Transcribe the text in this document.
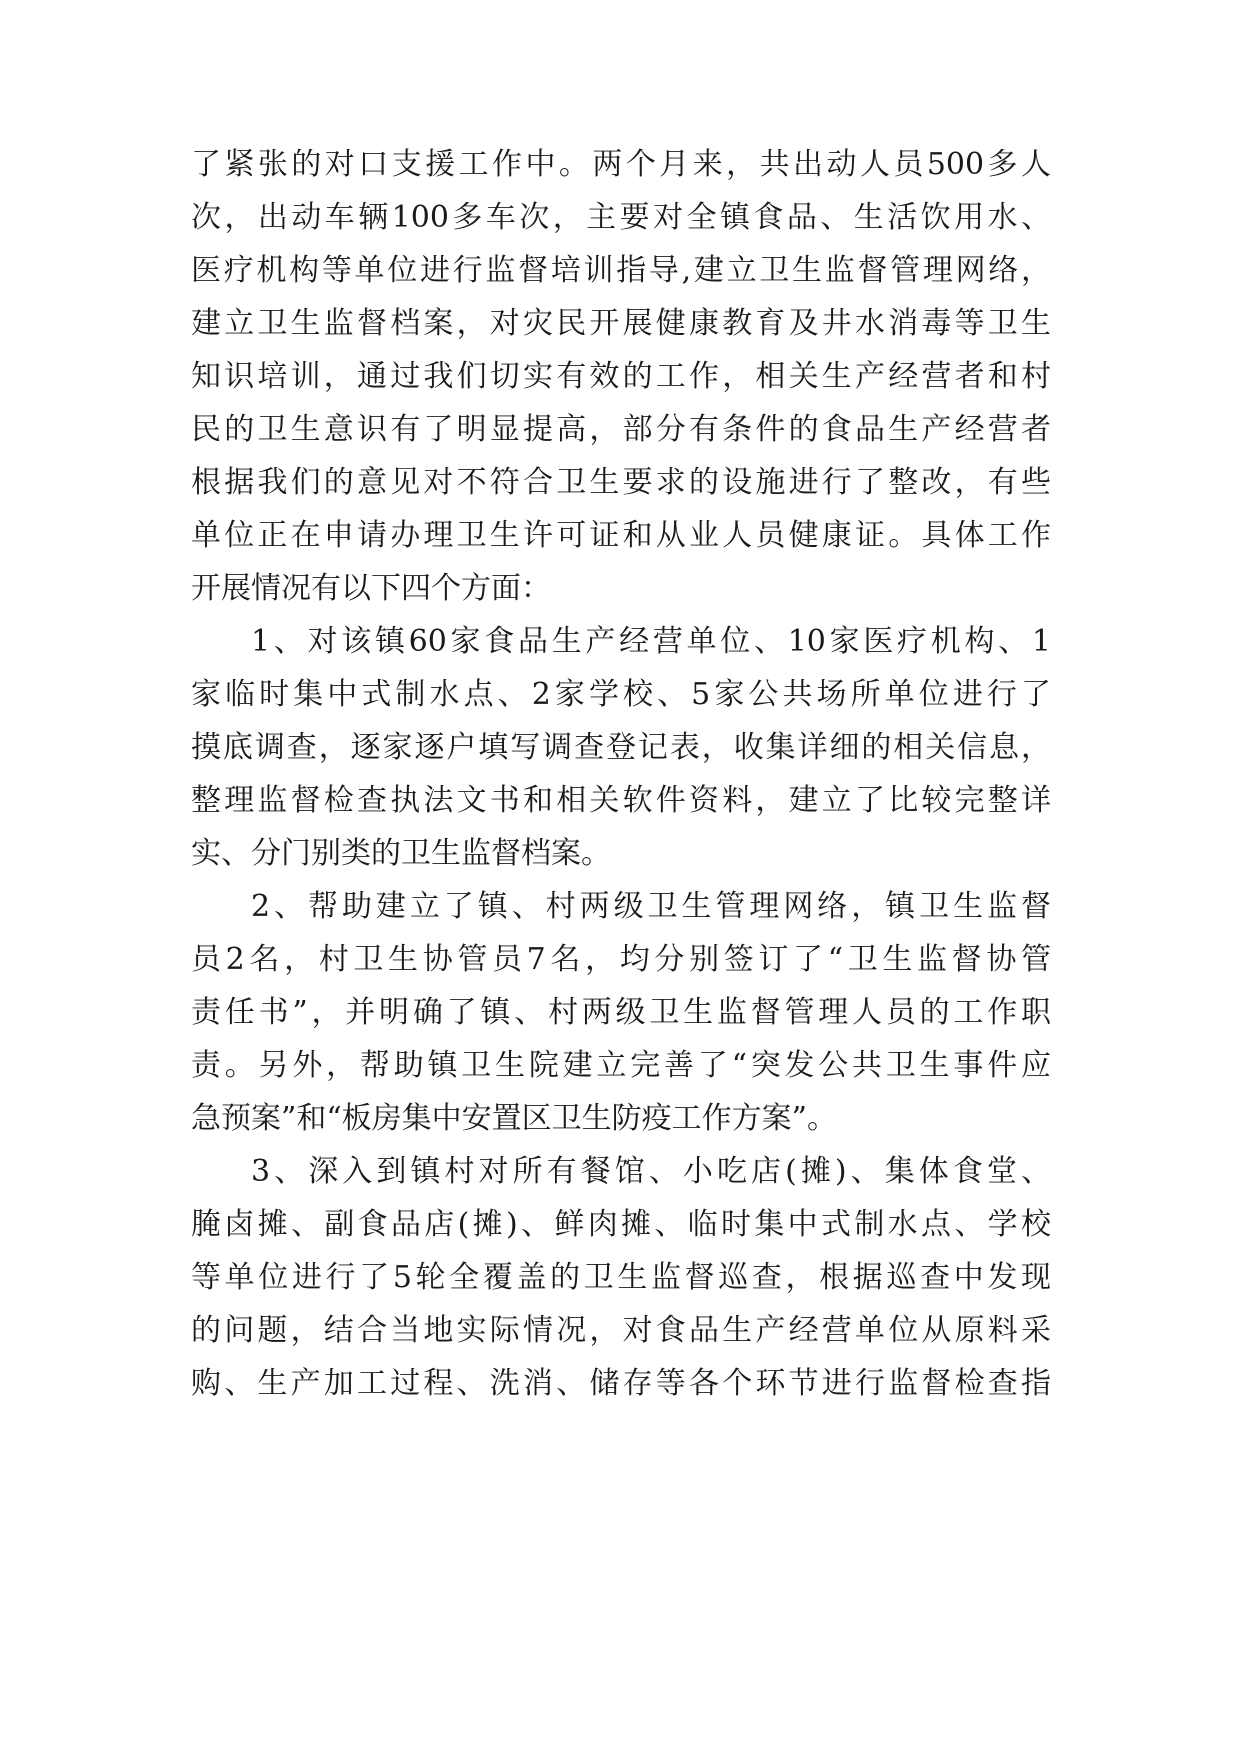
了紧张的对口支援工作中。两个月来，共出动人员500多人
次，出动车辆100多车次，主要对全镇食品、生活饮用水、
医疗机构等单位进行监督培训指导,建立卫生监督管理网络，
建立卫生监督档案，对灾民开展健康教育及井水消毒等卫生
知识培训，通过我们切实有效的工作，相关生产经营者和村
民的卫生意识有了明显提高，部分有条件的食品生产经营者
根据我们的意见对不符合卫生要求的设施进行了整改，有些
单位正在申请办理卫生许可证和从业人员健康证。具体工作
开展情况有以下四个方面：
1、对该镇60家食品生产经营单位、10家医疗机构、1
家临时集中式制水点、2家学校、5家公共场所单位进行了
摸底调查，逐家逐户填写调查登记表，收集详细的相关信息，
整理监督检查执法文书和相关软件资料，建立了比较完整详
实、分门别类的卫生监督档案。
2、帮助建立了镇、村两级卫生管理网络，镇卫生监督
员2名，村卫生协管员7名，均分别签订了“卫生监督协管
责任书”，并明确了镇、村两级卫生监督管理人员的工作职
责。另外，帮助镇卫生院建立完善了“突发公共卫生事件应
急预案”和“板房集中安置区卫生防疫工作方案”。
3、深入到镇村对所有餐馆、小吃店(摊)、集体食堂、
腌卤摊、副食品店(摊)、鲜肉摊、临时集中式制水点、学校
等单位进行了5轮全覆盖的卫生监督巡查，根据巡查中发现
的问题，结合当地实际情况，对食品生产经营单位从原料采
购、生产加工过程、洗消、储存等各个环节进行监督检查指
